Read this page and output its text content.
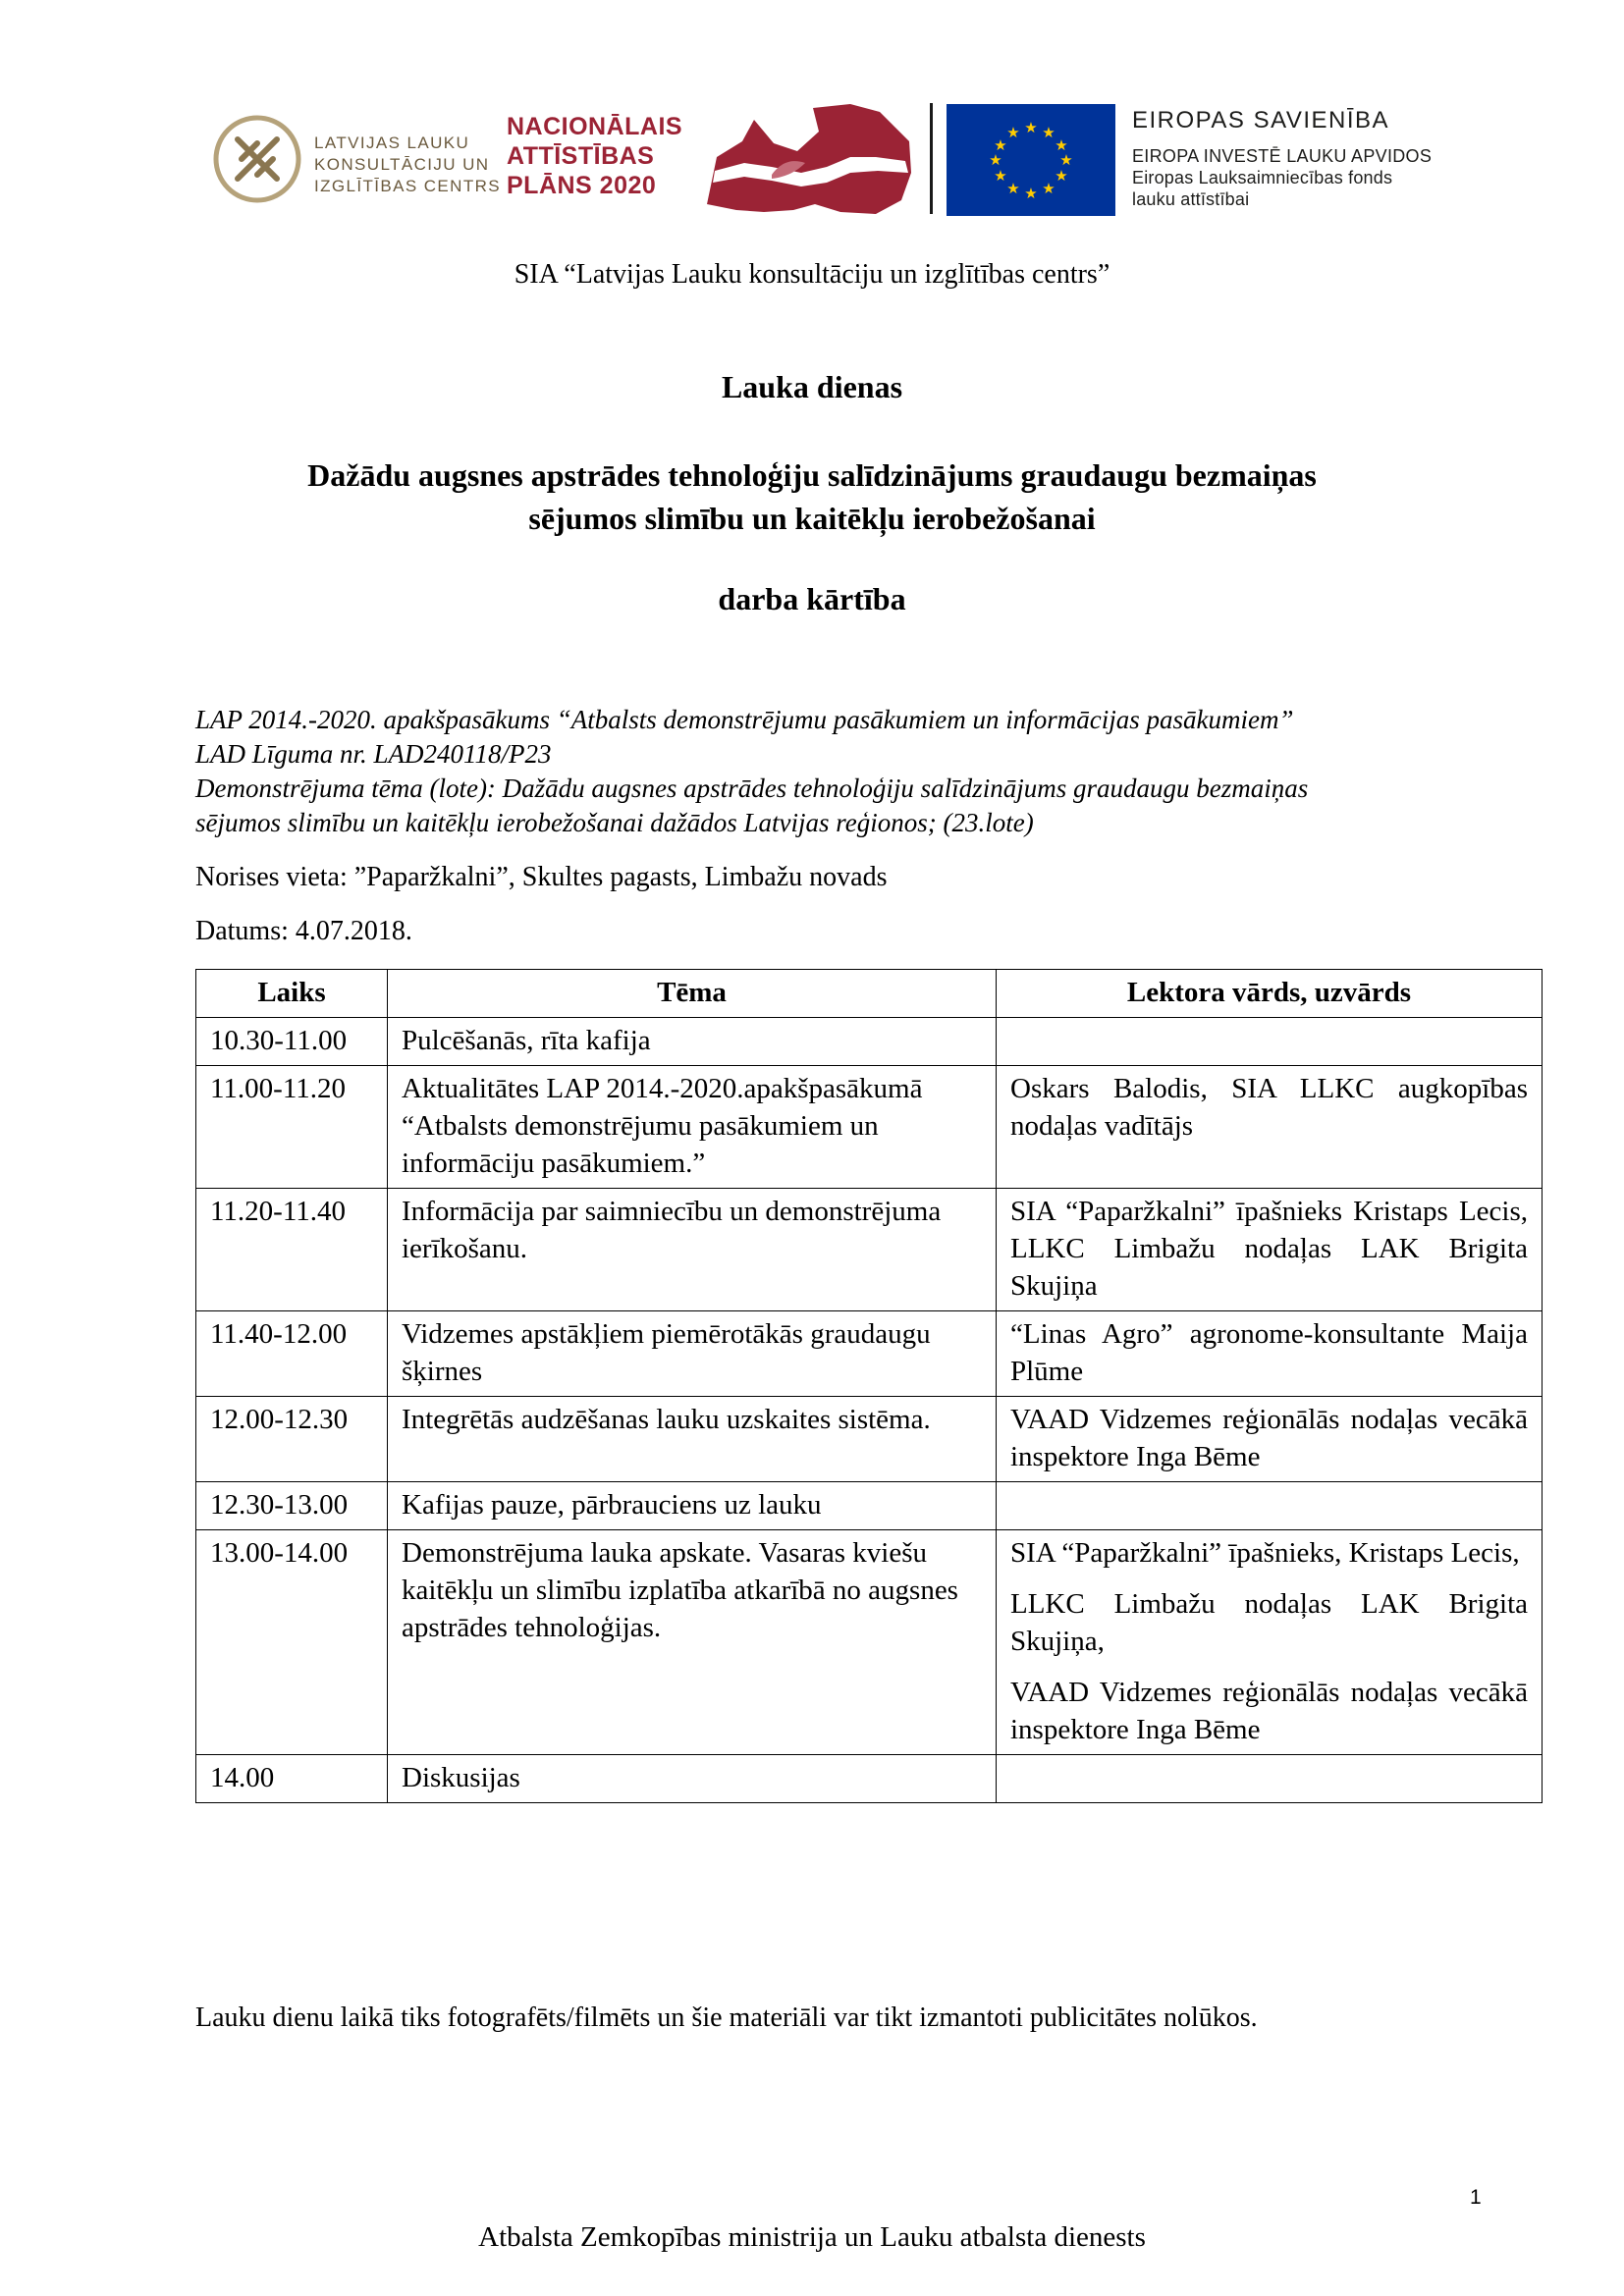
LATVIJAS LAUKU
KONSULTĀCIJU UN
IZGLĪTĪBAS CENTRS
NACIONĀLAIS
ATTĪSTĪBAS
PLĀNS 2020
★ ★
★
★
★
★
★
★
★
★
★
★	EIROPAS SAVIENĪBA
EIROPA INVESTĒ LAUKU APVIDOS
Eiropas Lauksaimniecības fonds
lauku attīstībai
SIA “Latvijas Lauku konsultāciju un izglītības centrs”
Lauka dienas
Dažādu augsnes apstrādes tehnoloģiju salīdzinājums graudaugu bezmaiņas
sējumos slimību un kaitēkļu ierobežošanai
darba kārtība
LAP 2014.-2020. apakšpasākums “Atbalsts demonstrējumu pasākumiem un informācijas pasākumiem”
LAD Līguma nr. LAD240118/P23
Demonstrējuma tēma (lote): Dažādu augsnes apstrādes tehnoloģiju salīdzinājums graudaugu bezmaiņas
sējumos slimību un kaitēkļu ierobežošanai dažādos Latvijas reģionos; (23.lote)
Norises vieta: ”Paparžkalni”, Skultes pagasts, Limbažu novads
Datums: 4.07.2018.
Laiks	Tēma	Lektora vārds, uzvārds
10.30-11.00	Pulcēšanās, rīta kafija	
11.00-11.20	Aktualitātes LAP 2014.-2020.apakšpasākumā “Atbalsts demonstrējumu pasākumiem un informāciju pasākumiem.”	Oskars Balodis, SIA LLKC augkopības nodaļas vadītājs

11.20-11.40	Informācija par saimniecību un demonstrējuma ierīkošanu.	SIA “Paparžkalni” īpašnieks Kristaps Lecis, LLKC Limbažu nodaļas LAK Brigita Skujiņa

11.40-12.00	Vidzemes apstākļiem piemērotākās graudaugu šķirnes	“Linas Agro” agronome-konsultante Maija Plūme

12.00-12.30	Integrētās audzēšanas lauku uzskaites sistēma.	VAAD Vidzemes reģionālās nodaļas vecākā inspektore Inga Bēme

12.30-13.00	Kafijas pauze, pārbrauciens uz lauku	
13.00-14.00	Demonstrējuma lauka apskate. Vasaras kviešu kaitēkļu un slimību izplatība atkarībā no augsnes apstrādes tehnoloģijas.	SIA “Paparžkalni” īpašnieks, Kristaps Lecis,

LLKC Limbažu nodaļas LAK Brigita Skujiņa,

VAAD Vidzemes reģionālās nodaļas vecākā inspektore Inga Bēme

14.00	Diskusijas	
Lauku dienu laikā tiks fotografēts/filmēts un šie materiāli var tikt izmantoti publicitātes nolūkos.
1
Atbalsta Zemkopības ministrija un Lauku atbalsta dienests
